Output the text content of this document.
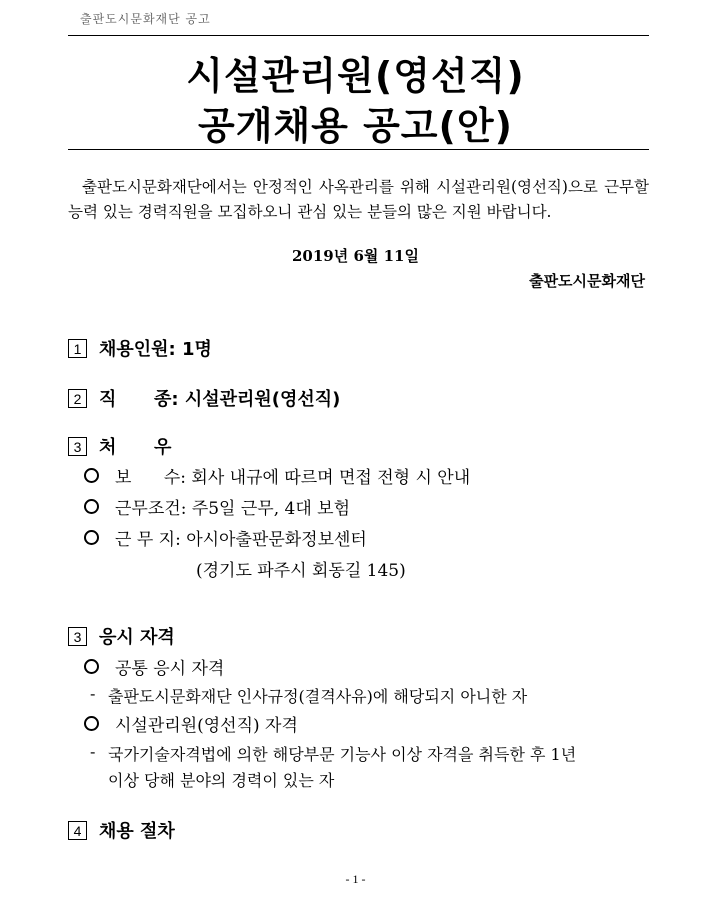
출판도시문화재단 공고
시설관리원(영선직)
공개채용 공고(안)
출판도시문화재단에서는 안정적인 사옥관리를 위해 시설관리원(영선직)으로 근무할 능력 있는 경력직원을 모집하오니 관심 있는 분들의 많은 지원 바랍니다.
2019년 6월 11일
출판도시문화재단
1 채용인원: 1명
2 직      종: 시설관리원(영선직)
3 처      우
보      수: 회사 내규에 따르며 면접 전형 시 안내
근무조건: 주5일 근무, 4대 보험
근 무 지: 아시아출판문화정보센터
(경기도 파주시 회동길 145)
3 응시 자격
공통 응시 자격
- 출판도시문화재단 인사규정(결격사유)에 해당되지 아니한 자
시설관리원(영선직) 자격
- 국가기술자격법에 의한 해당부문 기능사 이상 자격을 취득한 후 1년
이상 당해 분야의 경력이 있는 자
4 채용 절차
- 1 -
